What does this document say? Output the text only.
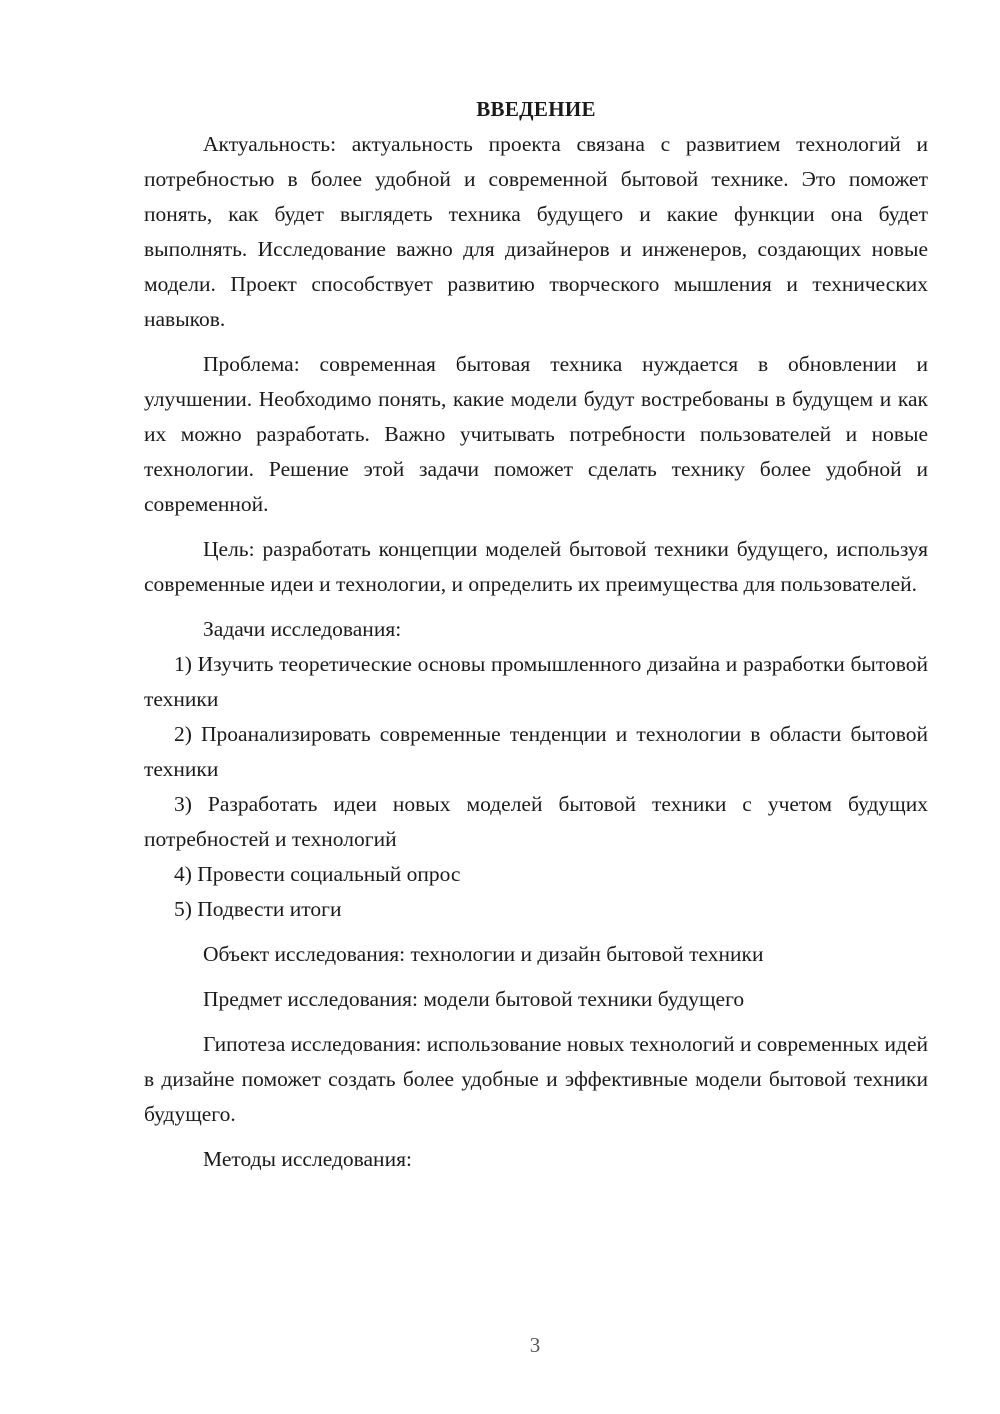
ВВЕДЕНИЕ

Актуальность: актуальность проекта связана с развитием технологий и потребностью в более удобной и современной бытовой технике. Это поможет понять, как будет выглядеть техника будущего и какие функции она будет выполнять. Исследование важно для дизайнеров и инженеров, создающих новые модели. Проект способствует развитию творческого мышления и технических навыков.

Проблема: современная бытовая техника нуждается в обновлении и улучшении. Необходимо понять, какие модели будут востребованы в будущем и как их можно разработать. Важно учитывать потребности пользователей и новые технологии. Решение этой задачи поможет сделать технику более удобной и современной.

Цель: разработать концепции моделей бытовой техники будущего, используя современные идеи и технологии, и определить их преимущества для пользователей.

Задачи исследования:

1) Изучить теоретические основы промышленного дизайна и разработки бытовой техники

2) Проанализировать современные тенденции и технологии в области бытовой техники

3) Разработать идеи новых моделей бытовой техники с учетом будущих потребностей и технологий

4) Провести социальный опрос

5) Подвести итоги

Объект исследования: технологии и дизайн бытовой техники

Предмет исследования: модели бытовой техники будущего

Гипотеза исследования: использование новых технологий и современных идей в дизайне поможет создать более удобные и эффективные модели бытовой техники будущего.

Методы исследования:

3
